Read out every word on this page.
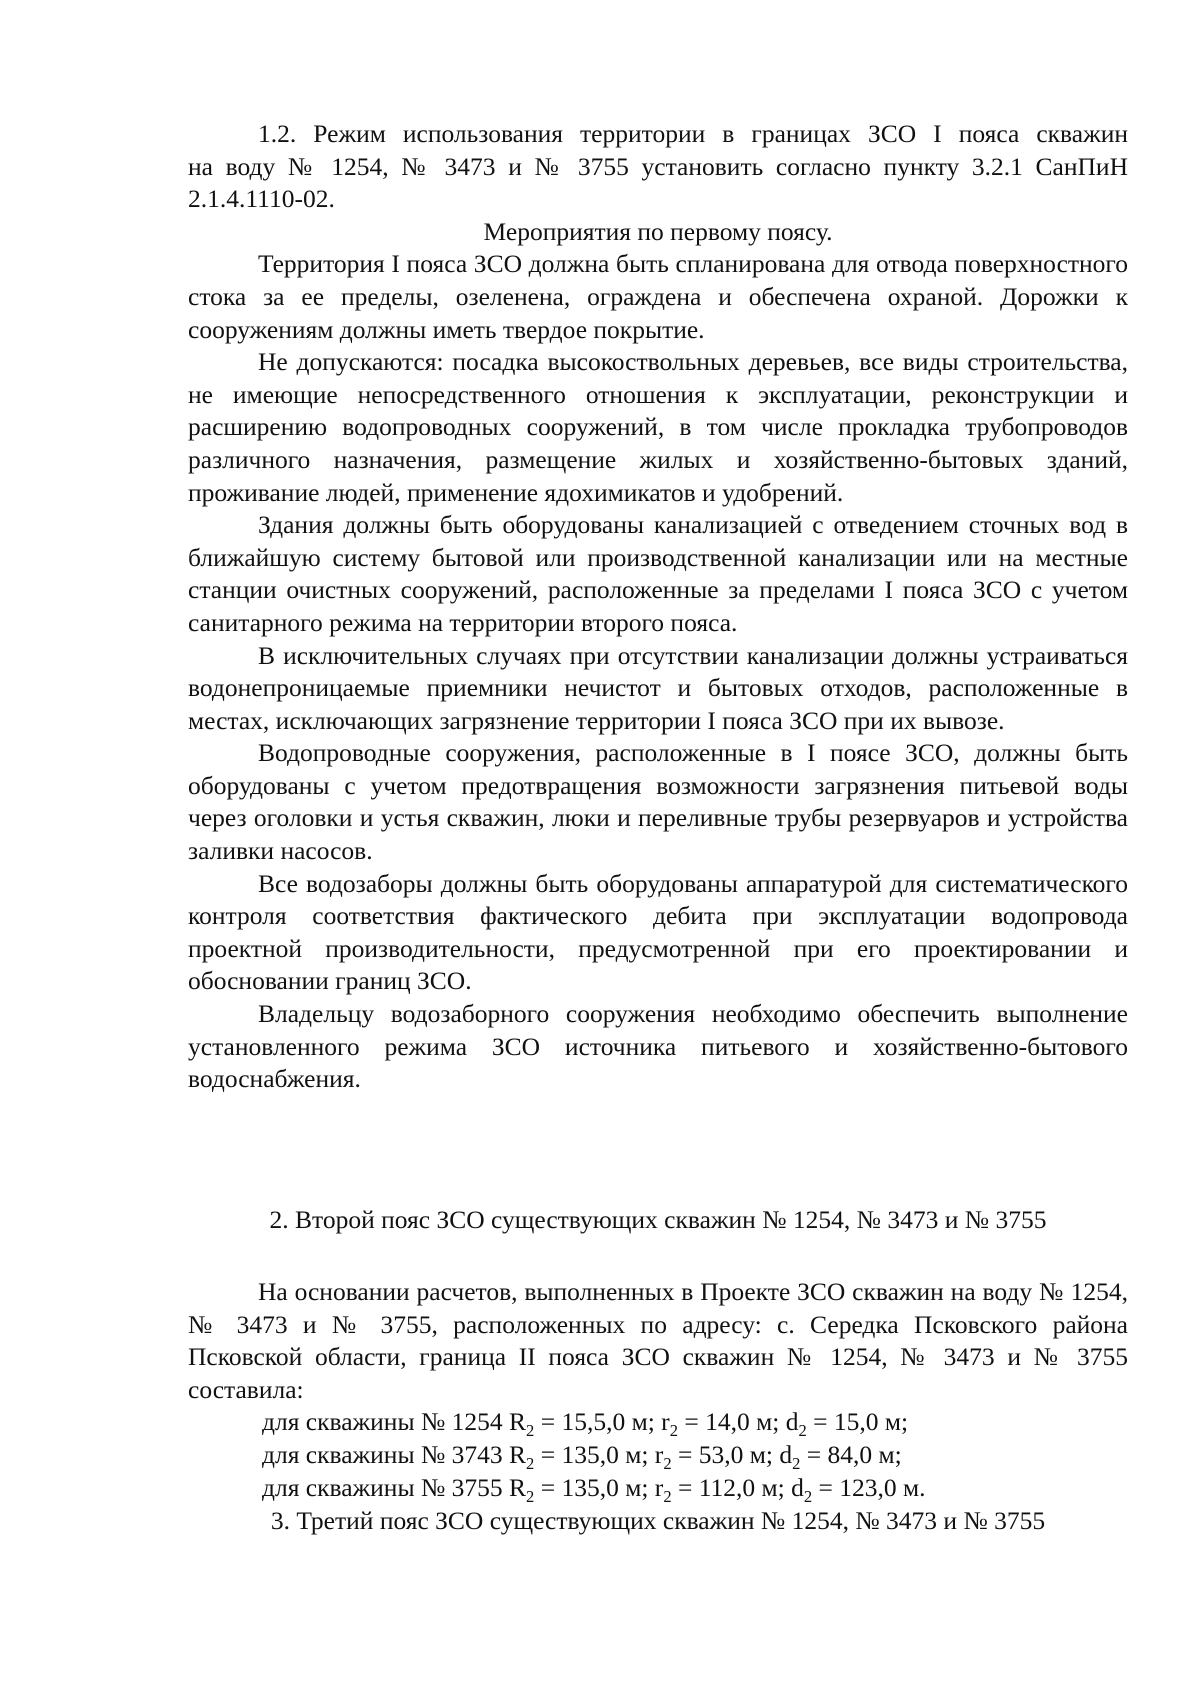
1.2. Режим использования территории в границах ЗСО I пояса скважин

на воду № 1254, № 3473 и № 3755 установить согласно пункту 3.2.1 СанПиН

2.1.4.1110-02.

Мероприятия по первому поясу.

Территория I пояса ЗСО должна быть спланирована для отвода поверхностного стока за ее пределы, озеленена, ограждена и обеспечена охраной. Дорожки к сооружениям должны иметь твердое покрытие.

Не допускаются: посадка высокоствольных деревьев, все виды строительства, не имеющие непосредственного отношения к эксплуатации, реконструкции и расширению водопроводных сооружений, в том числе прокладка трубопроводов различного назначения, размещение жилых и хозяйственно-бытовых зданий, проживание людей, применение ядохимикатов и удобрений.

Здания должны быть оборудованы канализацией с отведением сточных вод в ближайшую систему бытовой или производственной канализации или на местные станции очистных сооружений, расположенные за пределами I пояса ЗСО с учетом санитарного режима на территории второго пояса.

В исключительных случаях при отсутствии канализации должны устраиваться водонепроницаемые приемники нечистот и бытовых отходов, расположенные в местах, исключающих загрязнение территории I пояса ЗСО при их вывозе.

Водопроводные сооружения, расположенные в I поясе ЗСО, должны быть оборудованы с учетом предотвращения возможности загрязнения питьевой воды через оголовки и устья скважин, люки и переливные трубы резервуаров и устройства заливки насосов.

Все водозаборы должны быть оборудованы аппаратурой для систематического контроля соответствия фактического дебита при эксплуатации водопровода проектной производительности, предусмотренной при его проектировании и обосновании границ ЗСО.

Владельцу водозаборного сооружения необходимо обеспечить выполнение установленного режима ЗСО источника питьевого и хозяйственно-бытового водоснабжения.

2. Второй пояс ЗСО существующих скважин № 1254, № 3473 и № 3755

На основании расчетов, выполненных в Проекте ЗСО скважин на воду № 1254, № 3473 и № 3755, расположенных по адресу: с. Середка Псковского района Псковской области, граница II пояса ЗСО скважин № 1254, № 3473 и № 3755 составила:

для скважины № 1254 $R_2 = 15,5,0$ м; $r_2 = 14,0$ м; $d_2 = 15,0$ м;

для скважины № 3743 $R_2 = 135,0$ м; $r_2 = 53,0$ м; $d_2 = 84,0$ м;

для скважины № 3755 $R_2 = 135,0$ м; $r_2 = 112,0$ м; $d_2 = 123,0$ м.

3. Третий пояс ЗСО существующих скважин № 1254, № 3473 и № 3755
